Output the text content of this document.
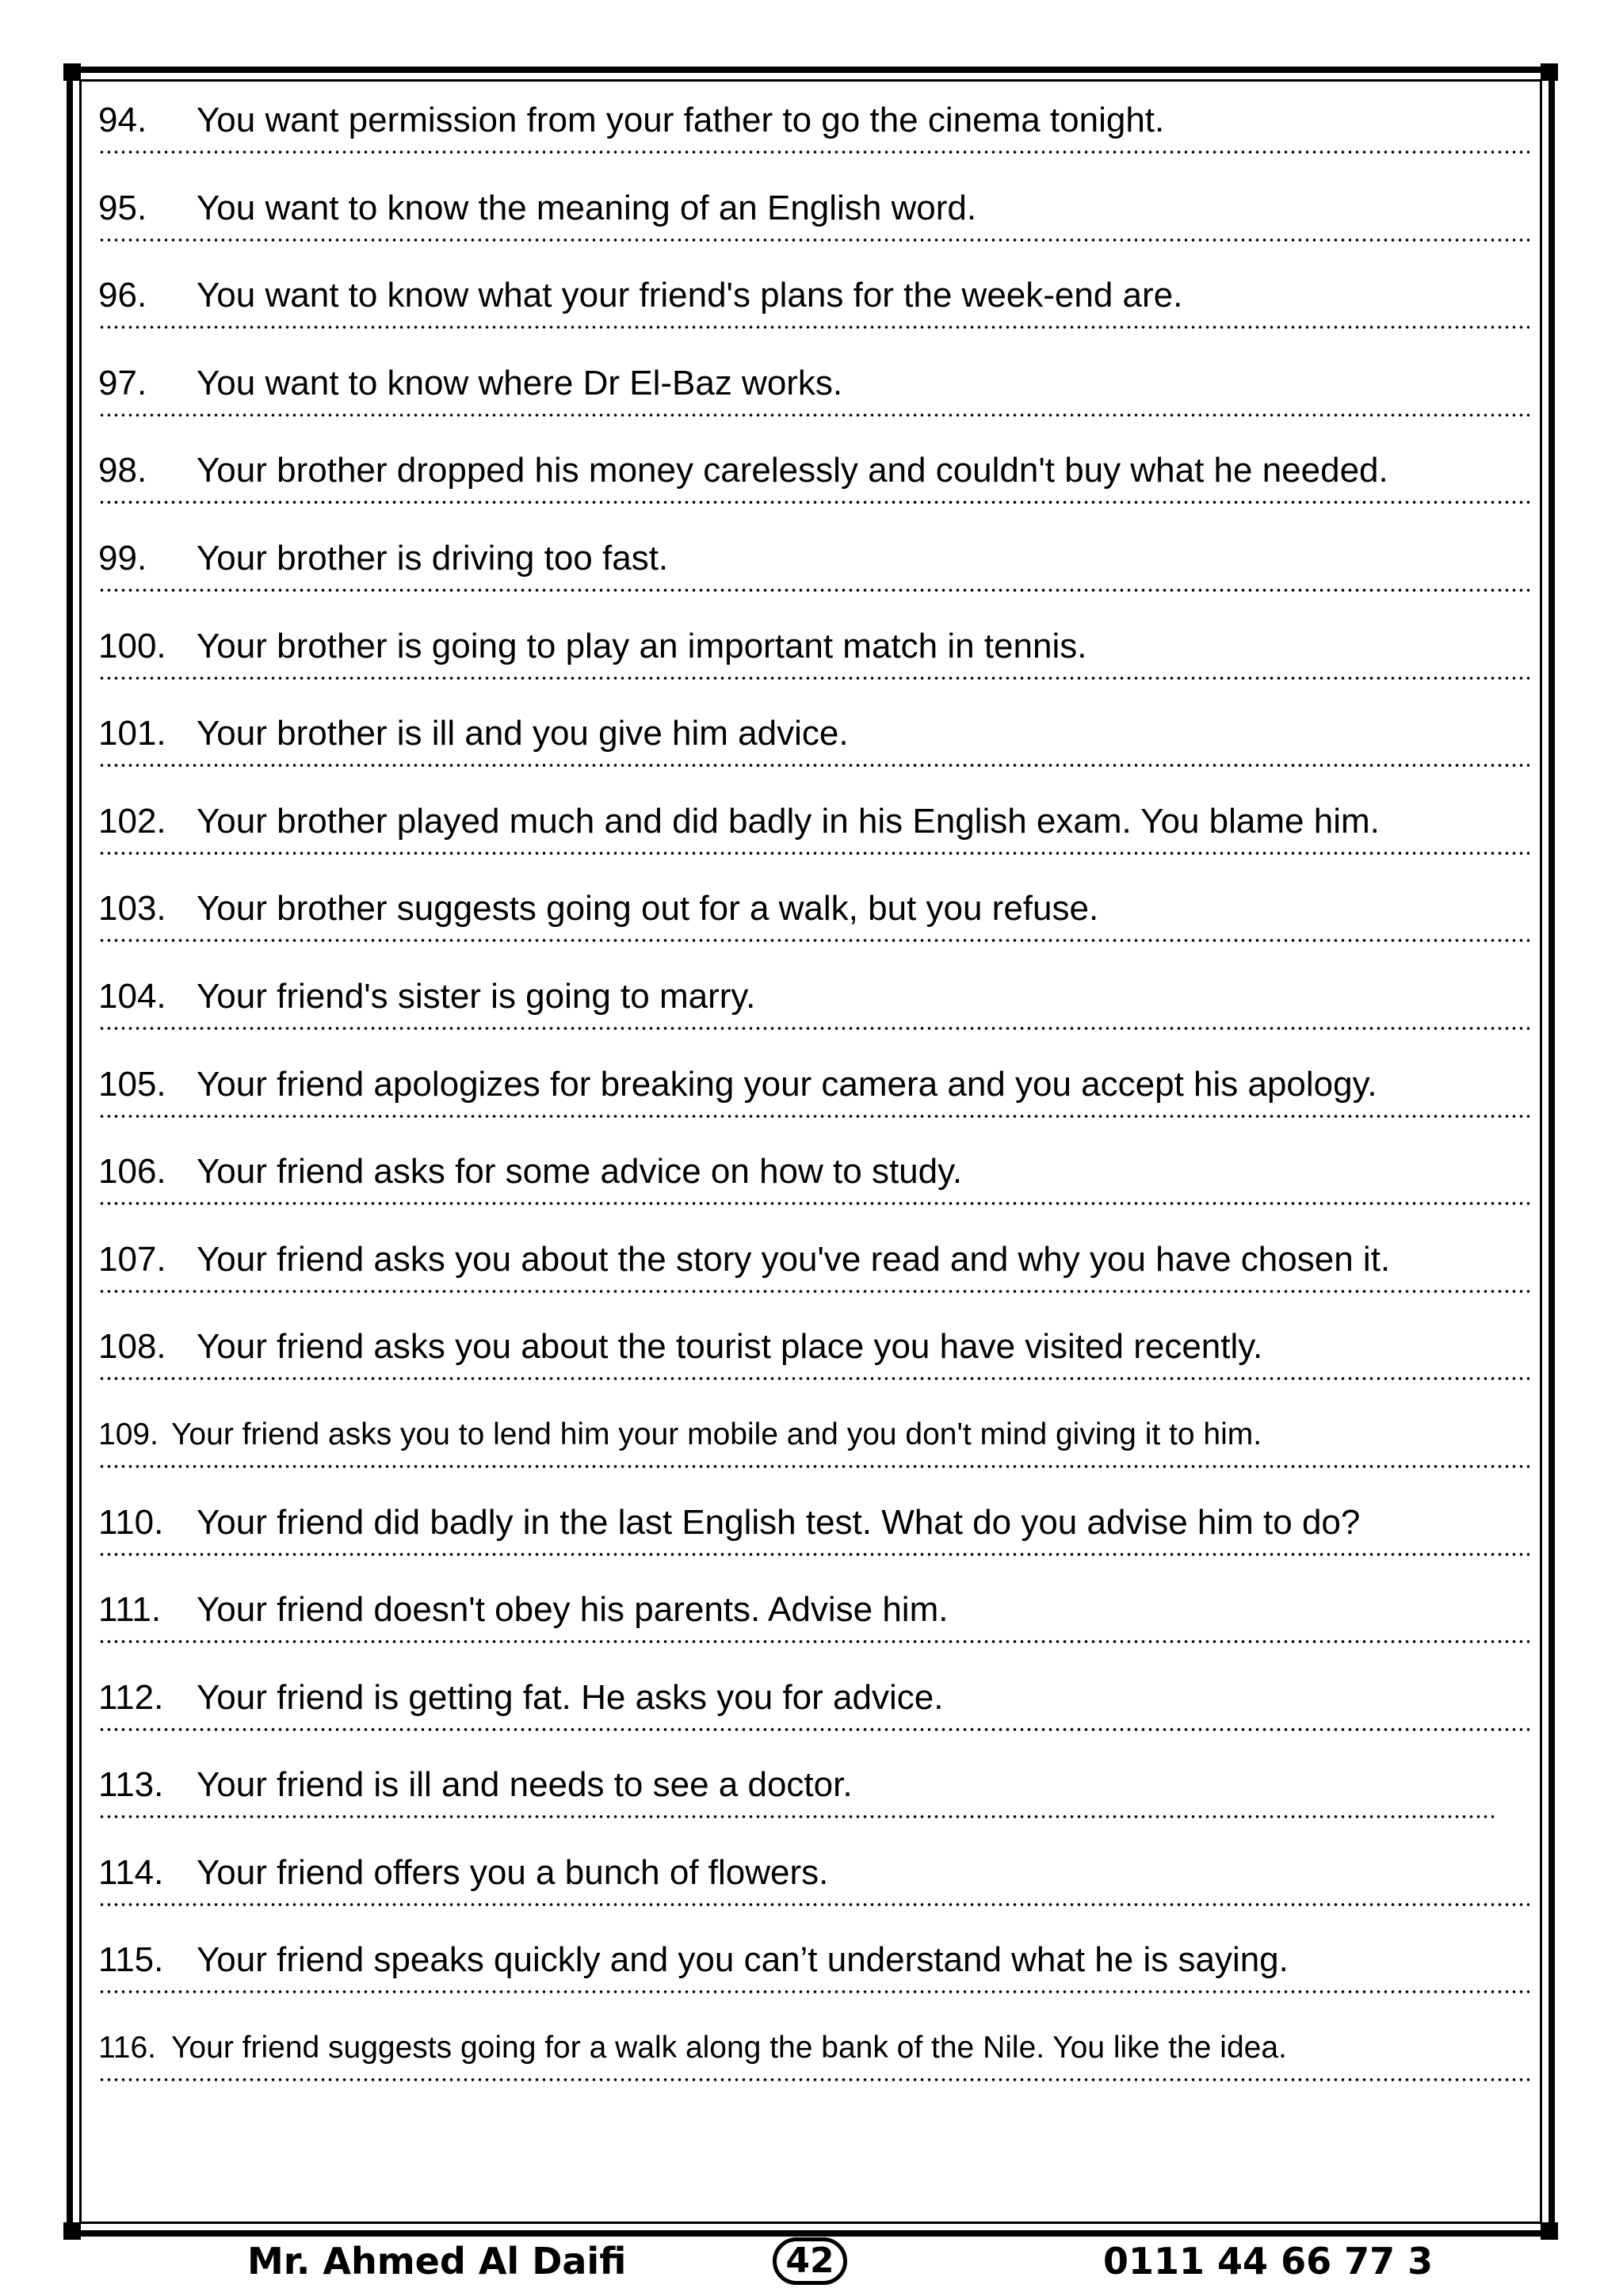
94. You want permission from your father to go the cinema tonight.
95. You want to know the meaning of an English word.
96. You want to know what your friend's plans for the week-end are.
97. You want to know where Dr El-Baz works.
98. Your brother dropped his money carelessly and couldn't buy what he needed.
99. Your brother is driving too fast.
100. Your brother is going to play an important match in tennis.
101. Your brother is ill and you give him advice.
102. Your brother played much and did badly in his English exam. You blame him.
103. Your brother suggests going out for a walk, but you refuse.
104. Your friend's sister is going to marry.
105. Your friend apologizes for breaking your camera and you accept his apology.
106. Your friend asks for some advice on how to study.
107. Your friend asks you about the story you've read and why you have chosen it.
108. Your friend asks you about the tourist place you have visited recently.
109. Your friend asks you to lend him your mobile and you don't mind giving it to him.
110. Your friend did badly in the last English test. What do you advise him to do?
111. Your friend doesn't obey his parents. Advise him.
112. Your friend is getting fat. He asks you for advice.
113. Your friend is ill and needs to see a doctor.
114. Your friend offers you a bunch of flowers.
115. Your friend speaks quickly and you can’t understand what he is saying.
116. Your friend suggests going for a walk along the bank of the Nile. You like the idea.
Mr. Ahmed Al Daifi	42	0111 44 66 77 3
